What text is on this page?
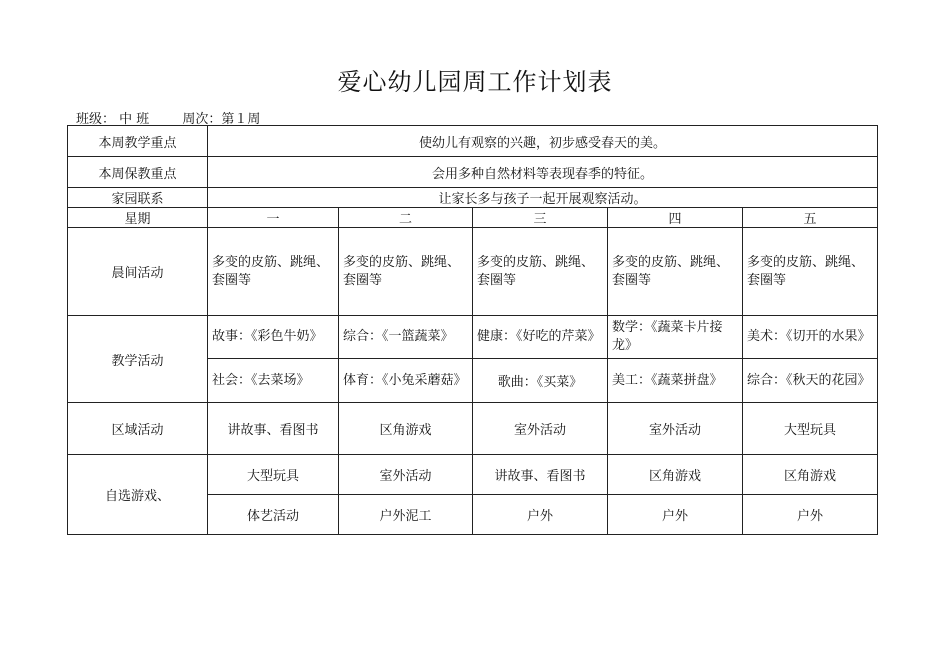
爱心幼儿园周工作计划表
班级： 中 班	周次：第１周
本周教学重点	使幼儿有观察的兴趣，初步感受春天的美。				
本周保教重点	会用多种自然材料等表现春季的特征。				
家园联系	让家长多与孩子一起开展观察活动。				
星期	一	二	三	四	五
晨间活动	多变的皮筋、跳绳、套圈等	多变的皮筋、跳绳、套圈等	多变的皮筋、跳绳、套圈等	多变的皮筋、跳绳、套圈等	多变的皮筋、跳绳、套圈等
教学活动	故事：《彩色牛奶》	综合：《一篮蔬菜》	健康：《好吃的芹菜》	数学：《蔬菜卡片接龙》	美术：《切开的水果》
	社会：《去菜场》	体育：《小兔采蘑菇》	歌曲：《买菜》	美工：《蔬菜拼盘》	综合：《秋天的花园》
区域活动	讲故事、看图书	区角游戏	室外活动	室外活动	大型玩具
自选游戏、	大型玩具	室外活动	讲故事、看图书	区角游戏	区角游戏
	体艺活动	户外泥工	户外	户外	户外
